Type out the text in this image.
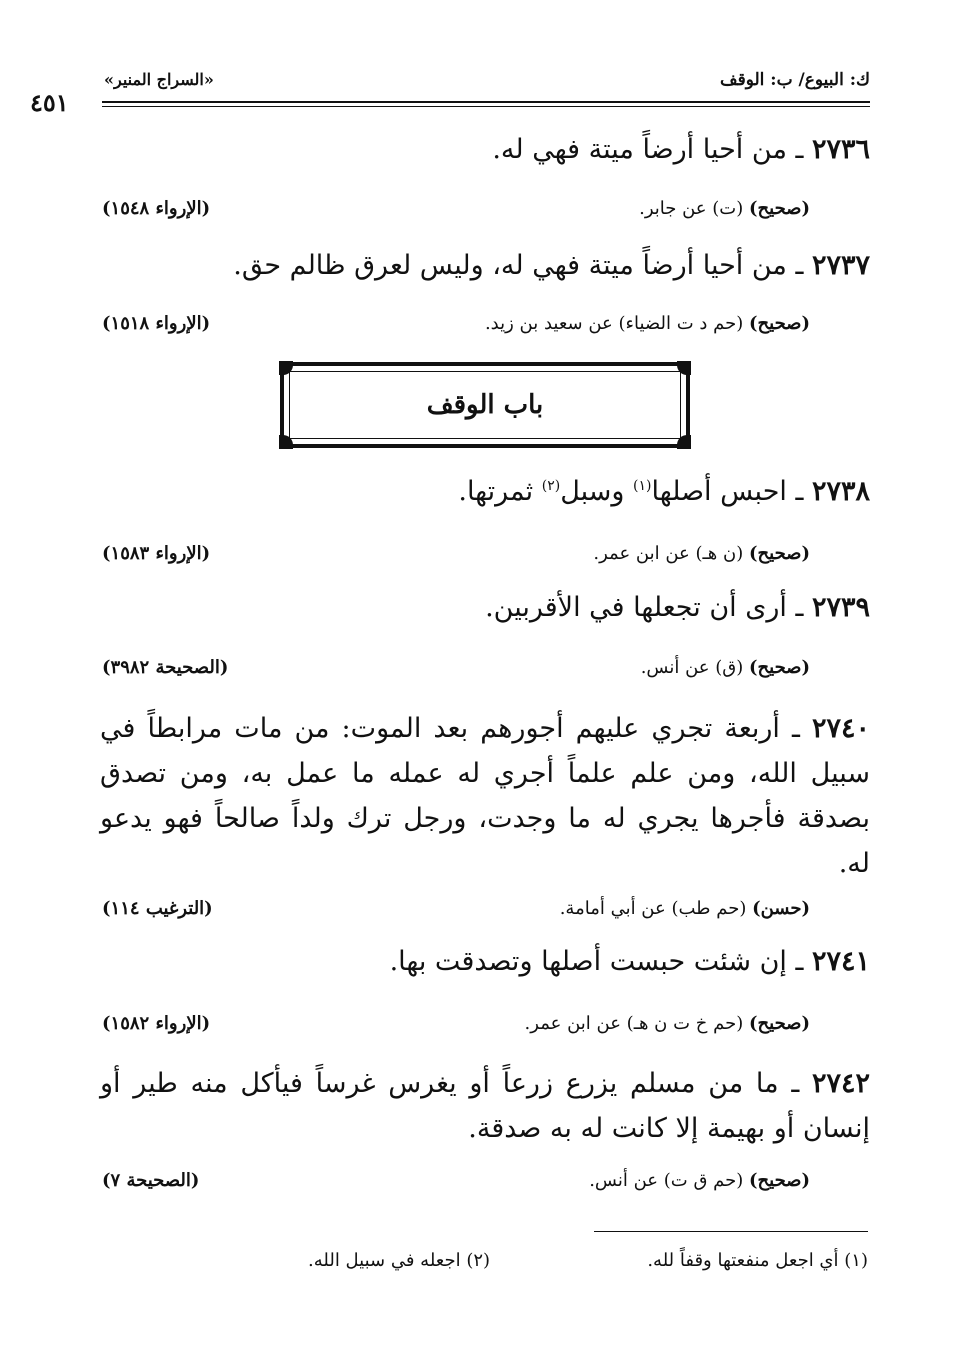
ك: البيوع/ ب: الوقف
«السراج المنير»
٤٥١
٢٧٣٦ ـ من أحيا أرضاً ميتة فهي له.
(صحيح) (ت) عن جابر.
(الإرواء ١٥٤٨)
٢٧٣٧ ـ من أحيا أرضاً ميتة فهي له، وليس لعرق ظالم حق.
(صحيح) (حم د ت الضياء) عن سعيد بن زيد.
(الإرواء ١٥١٨)
باب الوقف
٢٧٣٨ ـ احبس أصلها$^{(١)}$ وسبل$^{(٢)}$ ثمرتها.
(صحيح) (ن هـ) عن ابن عمر.
(الإرواء ١٥٨٣)
٢٧٣٩ ـ أرى أن تجعلها في الأقربين.
(صحيح) (ق) عن أنس.
(الصحيحة ٣٩٨٢)
٢٧٤٠ ـ أربعة تجري عليهم أجورهم بعد الموت: من مات مرابطاً في سبيل الله، ومن علم علماً أجري له عمله ما عمل به، ومن تصدق بصدقة فأجرها يجري له ما وجدت، ورجل ترك ولداً صالحاً فهو يدعو له.
(حسن) (حم طب) عن أبي أمامة.
(الترغيب ١١٤)
٢٧٤١ ـ إن شئت حبست أصلها وتصدقت بها.
(صحيح) (حم خ ت ن هـ) عن ابن عمر.
(الإرواء ١٥٨٢)
٢٧٤٢ ـ ما من مسلم يزرع زرعاً أو يغرس غرساً فيأكل منه طير أو إنسان أو بهيمة إلا كانت له به صدقة.
(صحيح) (حم ق ت) عن أنس.
(الصحيحة ٧)
(١) أي اجعل منفعتها وقفاً لله.
(٢) اجعله في سبيل الله.
